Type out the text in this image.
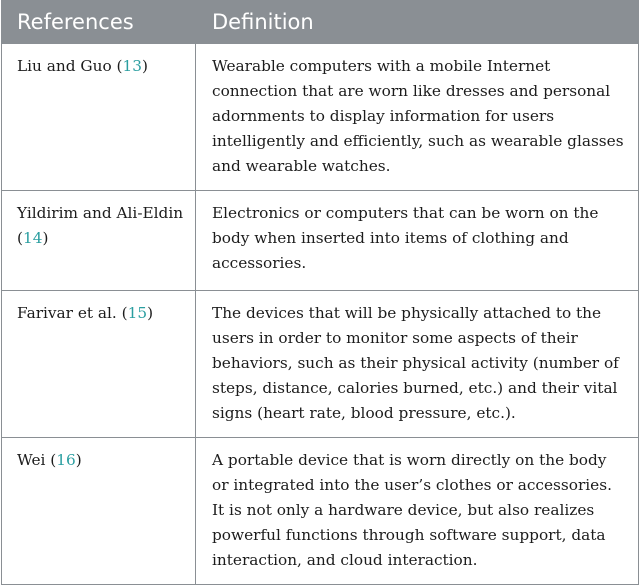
References	Definition
Liu and Guo (13)	Wearable computers with a mobile Internet connection that are worn like dresses and personal adornments to display information for users intelligently and efficiently, such as wearable glasses and wearable watches.
Yildirim and Ali-Eldin (14)	Electronics or computers that can be worn on the body when inserted into items of clothing and accessories.
Farivar et al. (15)	The devices that will be physically attached to the users in order to monitor some aspects of their behaviors, such as their physical activity (number of steps, distance, calories burned, etc.) and their vital signs (heart rate, blood pressure, etc.).
Wei (16)	A portable device that is worn directly on the body or integrated into the user’s clothes or accessories. It is not only a hardware device, but also realizes powerful functions through software support, data interaction, and cloud interaction.
